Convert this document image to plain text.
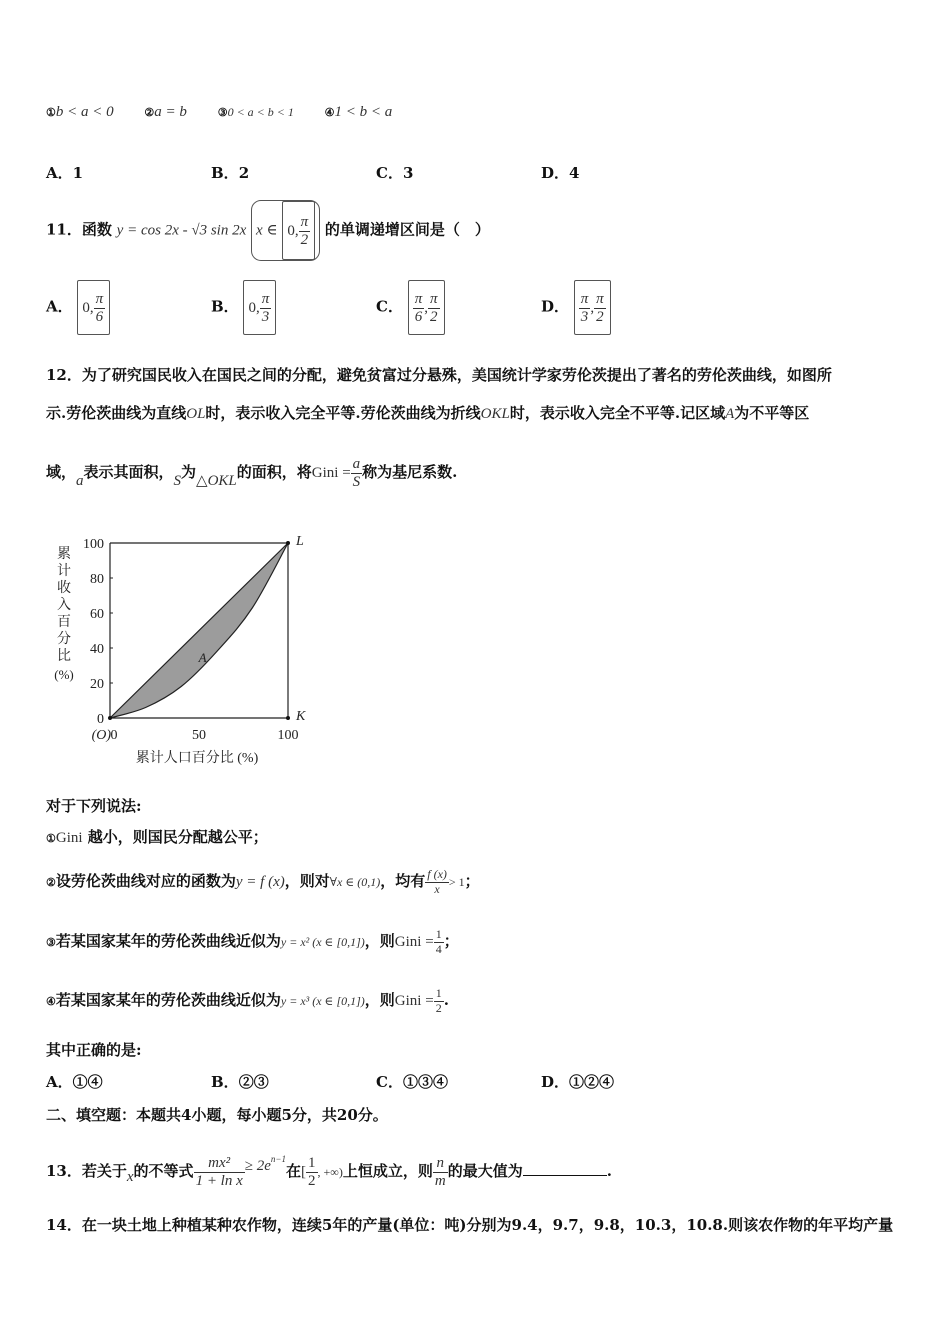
①b < a < 0	②a = b	③0 < a < b < 1	④1 < b < a
A．1	B．2	C．3	D．4
11．函数 y = cos 2x - √3 sin 2x x ∈ 0, $\frac{\pi}{2}$ 的单调递增区间是（　）
A． 0, $\frac{\pi}{6}$	B． 0, $\frac{\pi}{3}$	C． $\frac{\pi}{6}$ , $\frac{\pi}{2}$	D． $\frac{\pi}{3}$ , $\frac{\pi}{2}$
12．为了研究国民收入在国民之间的分配，避免贫富过分悬殊，美国统计学家劳伦茨提出了著名的劳伦茨曲线，如图所
示.劳伦茨曲线为直线OL时，表示收入完全平等.劳伦茨曲线为折线OKL时，表示收入完全不平等.记区域A为不平等区
域，a表示其面积，S为△OKL的面积，将Gini = $\frac{a}{S}$ 称为基尼系数.
0
20
40
60
80
100
0	50	100
累
计
收
入
百
分
比
(%)
累计人口百分比 (%)
(O)
L
K
A
对于下列说法:
①Gini 越小，则国民分配越公平；
②设劳伦茨曲线对应的函数为y = f (x)，则对∀x ∈ (0,1)，均有 $\frac{f (x)}{x} > 1$；
③若某国家某年的劳伦茨曲线近似为y = x² (x ∈ [0,1])，则Gini = $\frac{1}{4}$ ；
④若某国家某年的劳伦茨曲线近似为y = x³ (x ∈ [0,1])，则Gini = $\frac{1}{2}$ .
其中正确的是:
A．①④	B．②③	C．①③④	D．①②④
二、填空题：本题共4小题，每小题5分，共20分。
13．若关于x的不等式 $\frac{\text{mx²}}{\text{1 + ln x}} \ge 2e^{n-1}$在[ $\frac{1}{2}$ , +∞)上恒成立，则 $\frac{n}{m}$ 的最大值为	.
14．在一块土地上种植某种农作物，连续5年的产量(单位：吨)分别为9.4，9.7，9.8，10.3，10.8.则该农作物的年平均产量
